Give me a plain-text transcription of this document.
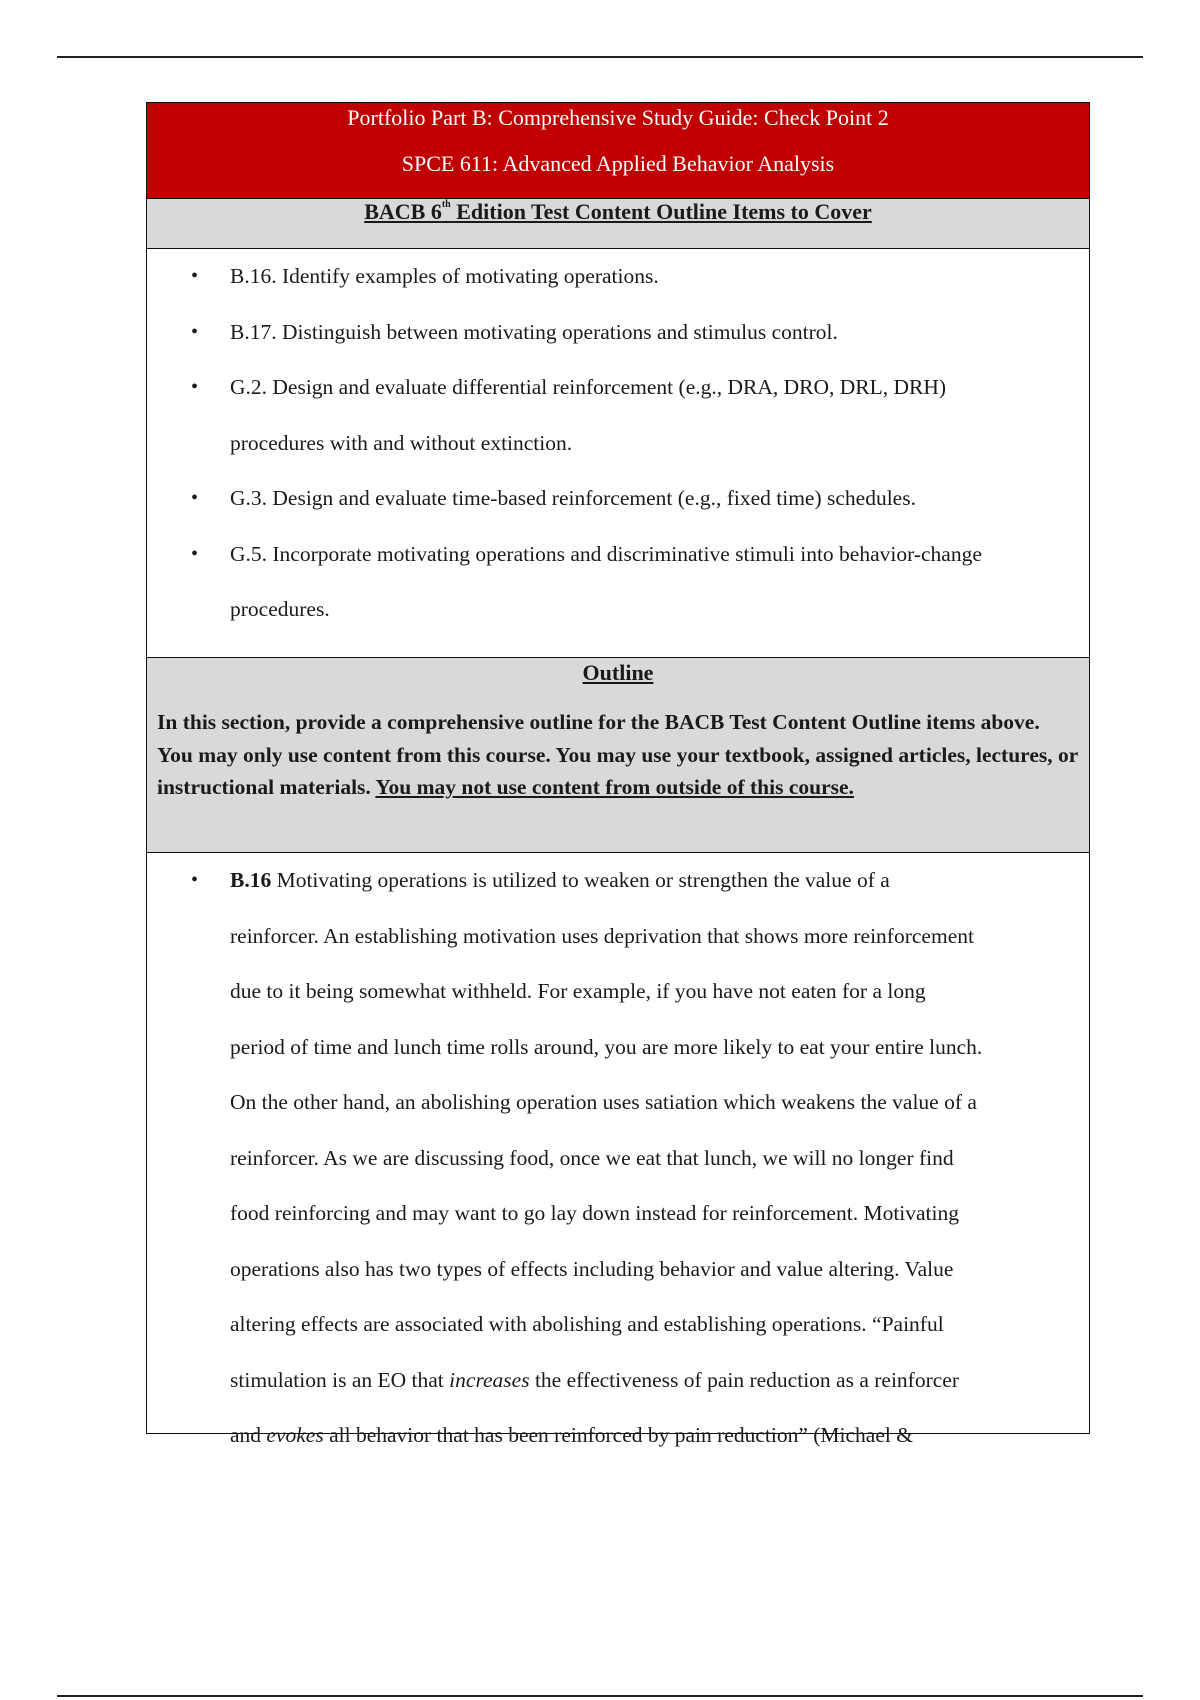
Portfolio Part B: Comprehensive Study Guide: Check Point 2
SPCE 611: Advanced Applied Behavior Analysis
BACB 6th Edition Test Content Outline Items to Cover
• B.16. Identify examples of motivating operations.
• B.17. Distinguish between motivating operations and stimulus control.
• G.2. Design and evaluate differential reinforcement (e.g., DRA, DRO, DRL, DRH)
procedures with and without extinction.
• G.3. Design and evaluate time-based reinforcement (e.g., fixed time) schedules.
• G.5. Incorporate motivating operations and discriminative stimuli into behavior-change
procedures.
Outline
In this section, provide a comprehensive outline for the BACB Test Content Outline items above. You may only use content from this course. You may use your textbook, assigned articles, lectures, or instructional materials. You may not use content from outside of this course.
• B.16 Motivating operations is utilized to weaken or strengthen the value of a
reinforcer. An establishing motivation uses deprivation that shows more reinforcement
due to it being somewhat withheld. For example, if you have not eaten for a long
period of time and lunch time rolls around, you are more likely to eat your entire lunch.
On the other hand, an abolishing operation uses satiation which weakens the value of a
reinforcer. As we are discussing food, once we eat that lunch, we will no longer find
food reinforcing and may want to go lay down instead for reinforcement. Motivating
operations also has two types of effects including behavior and value altering. Value
altering effects are associated with abolishing and establishing operations. “Painful
stimulation is an EO that increases the effectiveness of pain reduction as a reinforcer
and evokes all behavior that has been reinforced by pain reduction” (Michael &
